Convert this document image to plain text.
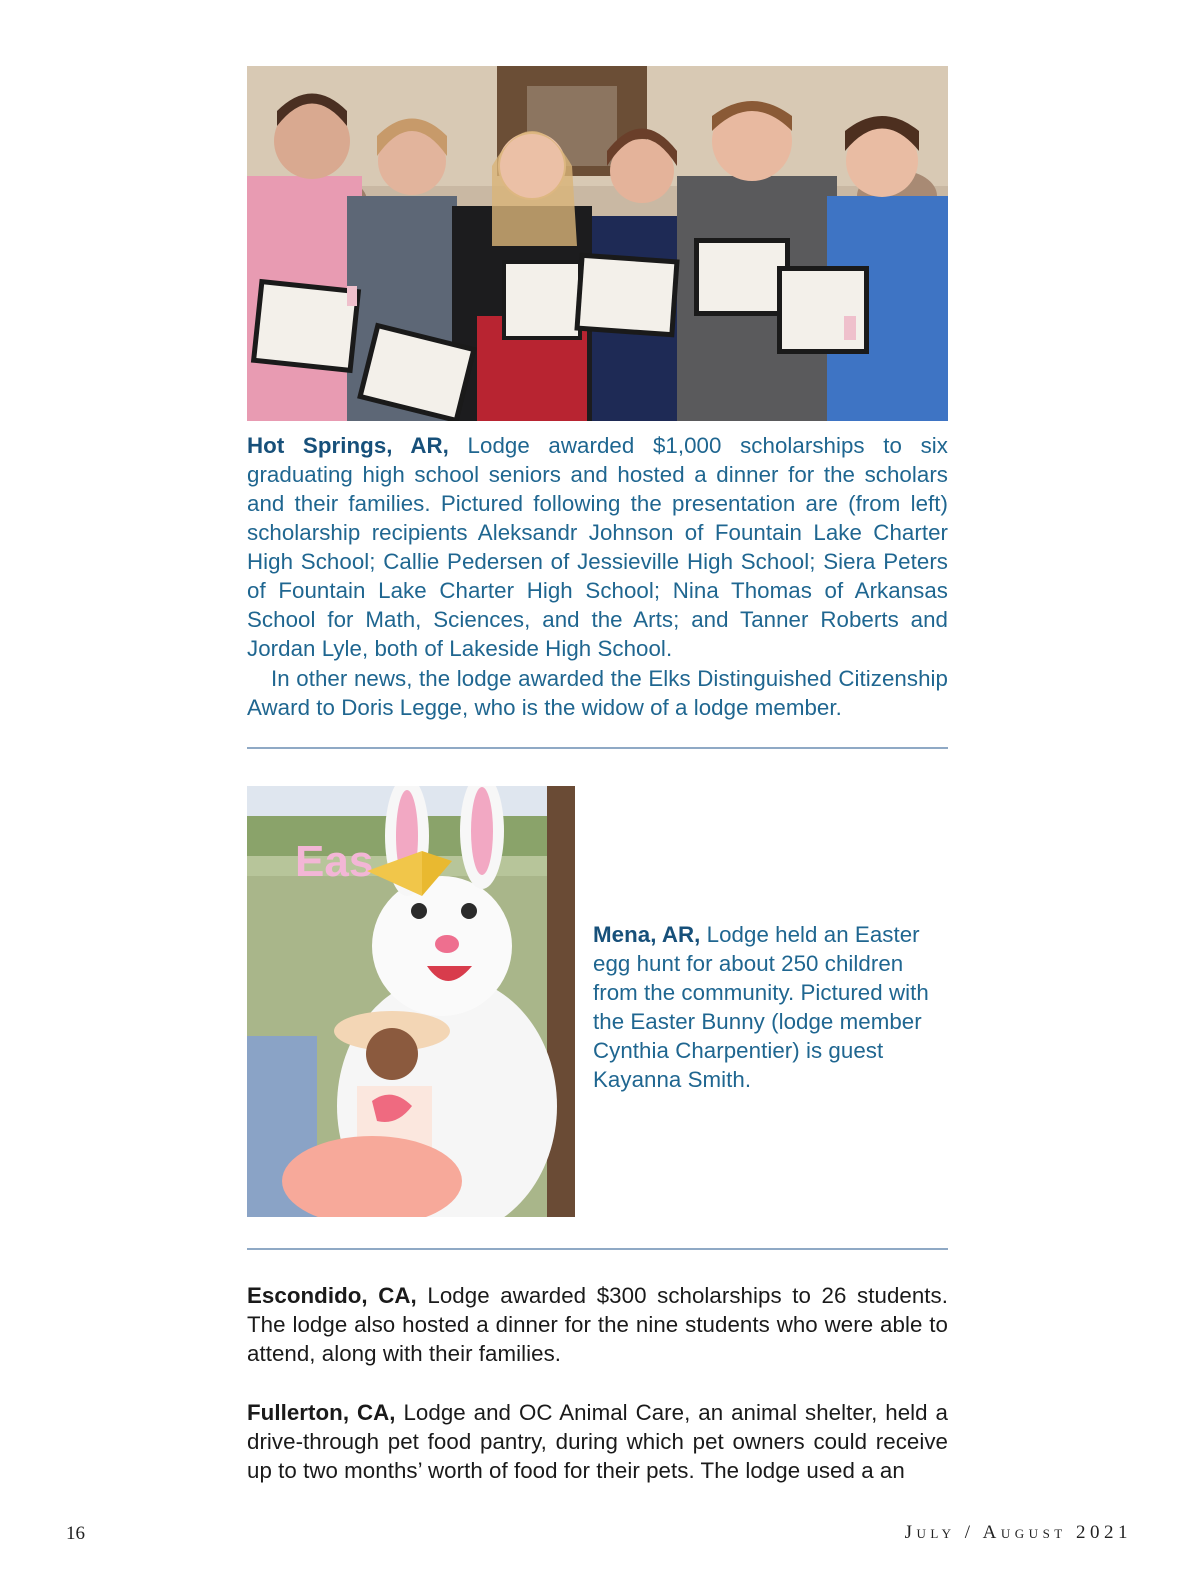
Hot Springs, AR, Lodge awarded $1,000 scholarships to six graduating high school seniors and hosted a dinner for the scholars and their families. Pictured following the presentation are (from left) scholarship recipients Aleksandr Johnson of Fountain Lake Charter High School; Callie Pedersen of Jessieville High School; Siera Peters of Fountain Lake Charter High School; Nina Thomas of Arkansas School for Math, Sciences, and the Arts; and Tanner Roberts and Jordan Lyle, both of Lakeside High School.

In other news, the lodge awarded the Elks Distinguished Citizenship Award to Doris Legge, who is the widow of a lodge member.

Eas

Mena, AR, Lodge held an Easter egg hunt for about 250 children from the community. Pictured with the Easter Bunny (lodge member Cynthia Charpentier) is guest Kayanna Smith.

Escondido, CA, Lodge awarded $300 scholarships to 26 students. The lodge also hosted a dinner for the nine students who were able to attend, along with their families.

Fullerton, CA, Lodge and OC Animal Care, an animal shelter, held a drive-through pet food pantry, during which pet owners could receive up to two months’ worth of food for their pets. The lodge used a an

16	July / August 2021
